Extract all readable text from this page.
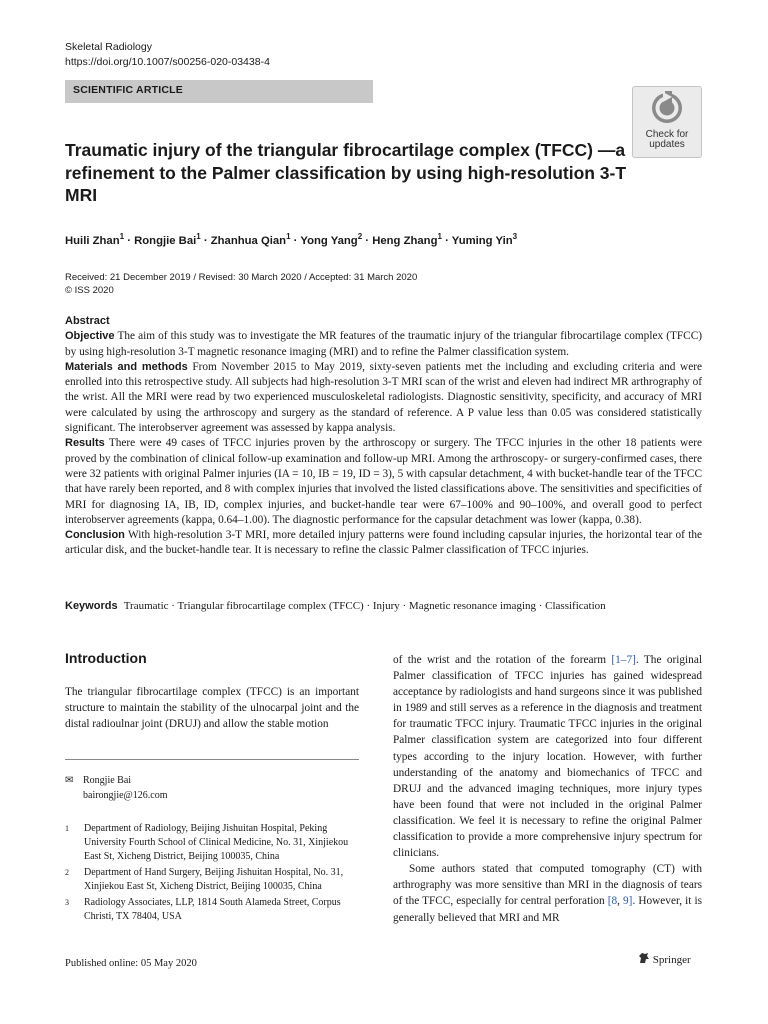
Skeletal Radiology
https://doi.org/10.1007/s00256-020-03438-4
SCIENTIFIC ARTICLE
Check for
updates
Traumatic injury of the triangular fibrocartilage complex (TFCC) —a refinement to the Palmer classification by using high-resolution 3-T MRI
Huili Zhan$^1$ · Rongjie Bai$^1$ · Zhanhua Qian$^1$ · Yong Yang$^2$ · Heng Zhang$^1$ · Yuming Yin$^3$
Received: 21 December 2019 / Revised: 30 March 2020 / Accepted: 31 March 2020
© ISS 2020

Abstract

Objective The aim of this study was to investigate the MR features of the traumatic injury of the triangular fibrocartilage complex (TFCC) by using high-resolution 3-T magnetic resonance imaging (MRI) and to refine the Palmer classification system.

Materials and methods From November 2015 to May 2019, sixty-seven patients met the including and excluding criteria and were enrolled into this retrospective study. All subjects had high-resolution 3-T MRI scan of the wrist and eleven had indirect MR arthrography of the wrist. All the MRI were read by two experienced musculoskeletal radiologists. Diagnostic sensitivity, specificity, and accuracy of MRI were calculated by using the arthroscopy and surgery as the standard of reference. A P value less than 0.05 was considered statistically significant. The interobserver agreement was assessed by kappa analysis.

Results There were 49 cases of TFCC injuries proven by the arthroscopy or surgery. The TFCC injuries in the other 18 patients were proved by the combination of clinical follow-up examination and follow-up MRI. Among the arthroscopy- or surgery-confirmed cases, there were 32 patients with original Palmer injuries (IA = 10, IB = 19, ID = 3), 5 with capsular detachment, 4 with bucket-handle tear of the TFCC that have rarely been reported, and 8 with complex injuries that involved the listed classifications above. The sensitivities and specificities of MRI for diagnosing IA, IB, ID, complex injuries, and bucket-handle tear were 67–100% and 90–100%, and overall good to perfect interobserver agreements (kappa, 0.64–1.00). The diagnostic performance for the capsular detachment was lower (kappa, 0.38).

Conclusion With high-resolution 3-T MRI, more detailed injury patterns were found including capsular injuries, the horizontal tear of the articular disk, and the bucket-handle tear. It is necessary to refine the classic Palmer classification of TFCC injuries.

Keywords Traumatic · Triangular fibrocartilage complex (TFCC) · Injury · Magnetic resonance imaging · Classification
Introduction
The triangular fibrocartilage complex (TFCC) is an important structure to maintain the stability of the ulnocarpal joint and the distal radioulnar joint (DRUJ) and allow the stable motion
✉ Rongjie Bai
bairongjie@126.com
1 Department of Radiology, Beijing Jishuitan Hospital, Peking University Fourth School of Clinical Medicine, No. 31, Xinjiekou East St, Xicheng District, Beijing 100035, China
2 Department of Hand Surgery, Beijing Jishuitan Hospital, No. 31, Xinjiekou East St, Xicheng District, Beijing 100035, China
3 Radiology Associates, LLP, 1814 South Alameda Street, Corpus Christi, TX 78404, USA
Published online: 05 May 2020	Springer

of the wrist and the rotation of the forearm [1–7]. The original Palmer classification of TFCC injuries has gained widespread acceptance by radiologists and hand surgeons since it was published in 1989 and still serves as a reference in the diagnosis and treatment for traumatic TFCC injury. Traumatic TFCC injuries in the original Palmer classification system are categorized into four different types according to the injury location. However, with further understanding of the anatomy and biomechanics of TFCC and DRUJ and the advanced imaging techniques, more injury types have been found that were not included in the original Palmer classification. We feel it is necessary to refine the original Palmer classification to provide a more comprehensive injury spectrum for clinicians.

Some authors stated that computed tomography (CT) with arthrography was more sensitive than MRI in the diagnosis of tears of the TFCC, especially for central perforation [8, 9]. However, it is generally believed that MRI and MR
